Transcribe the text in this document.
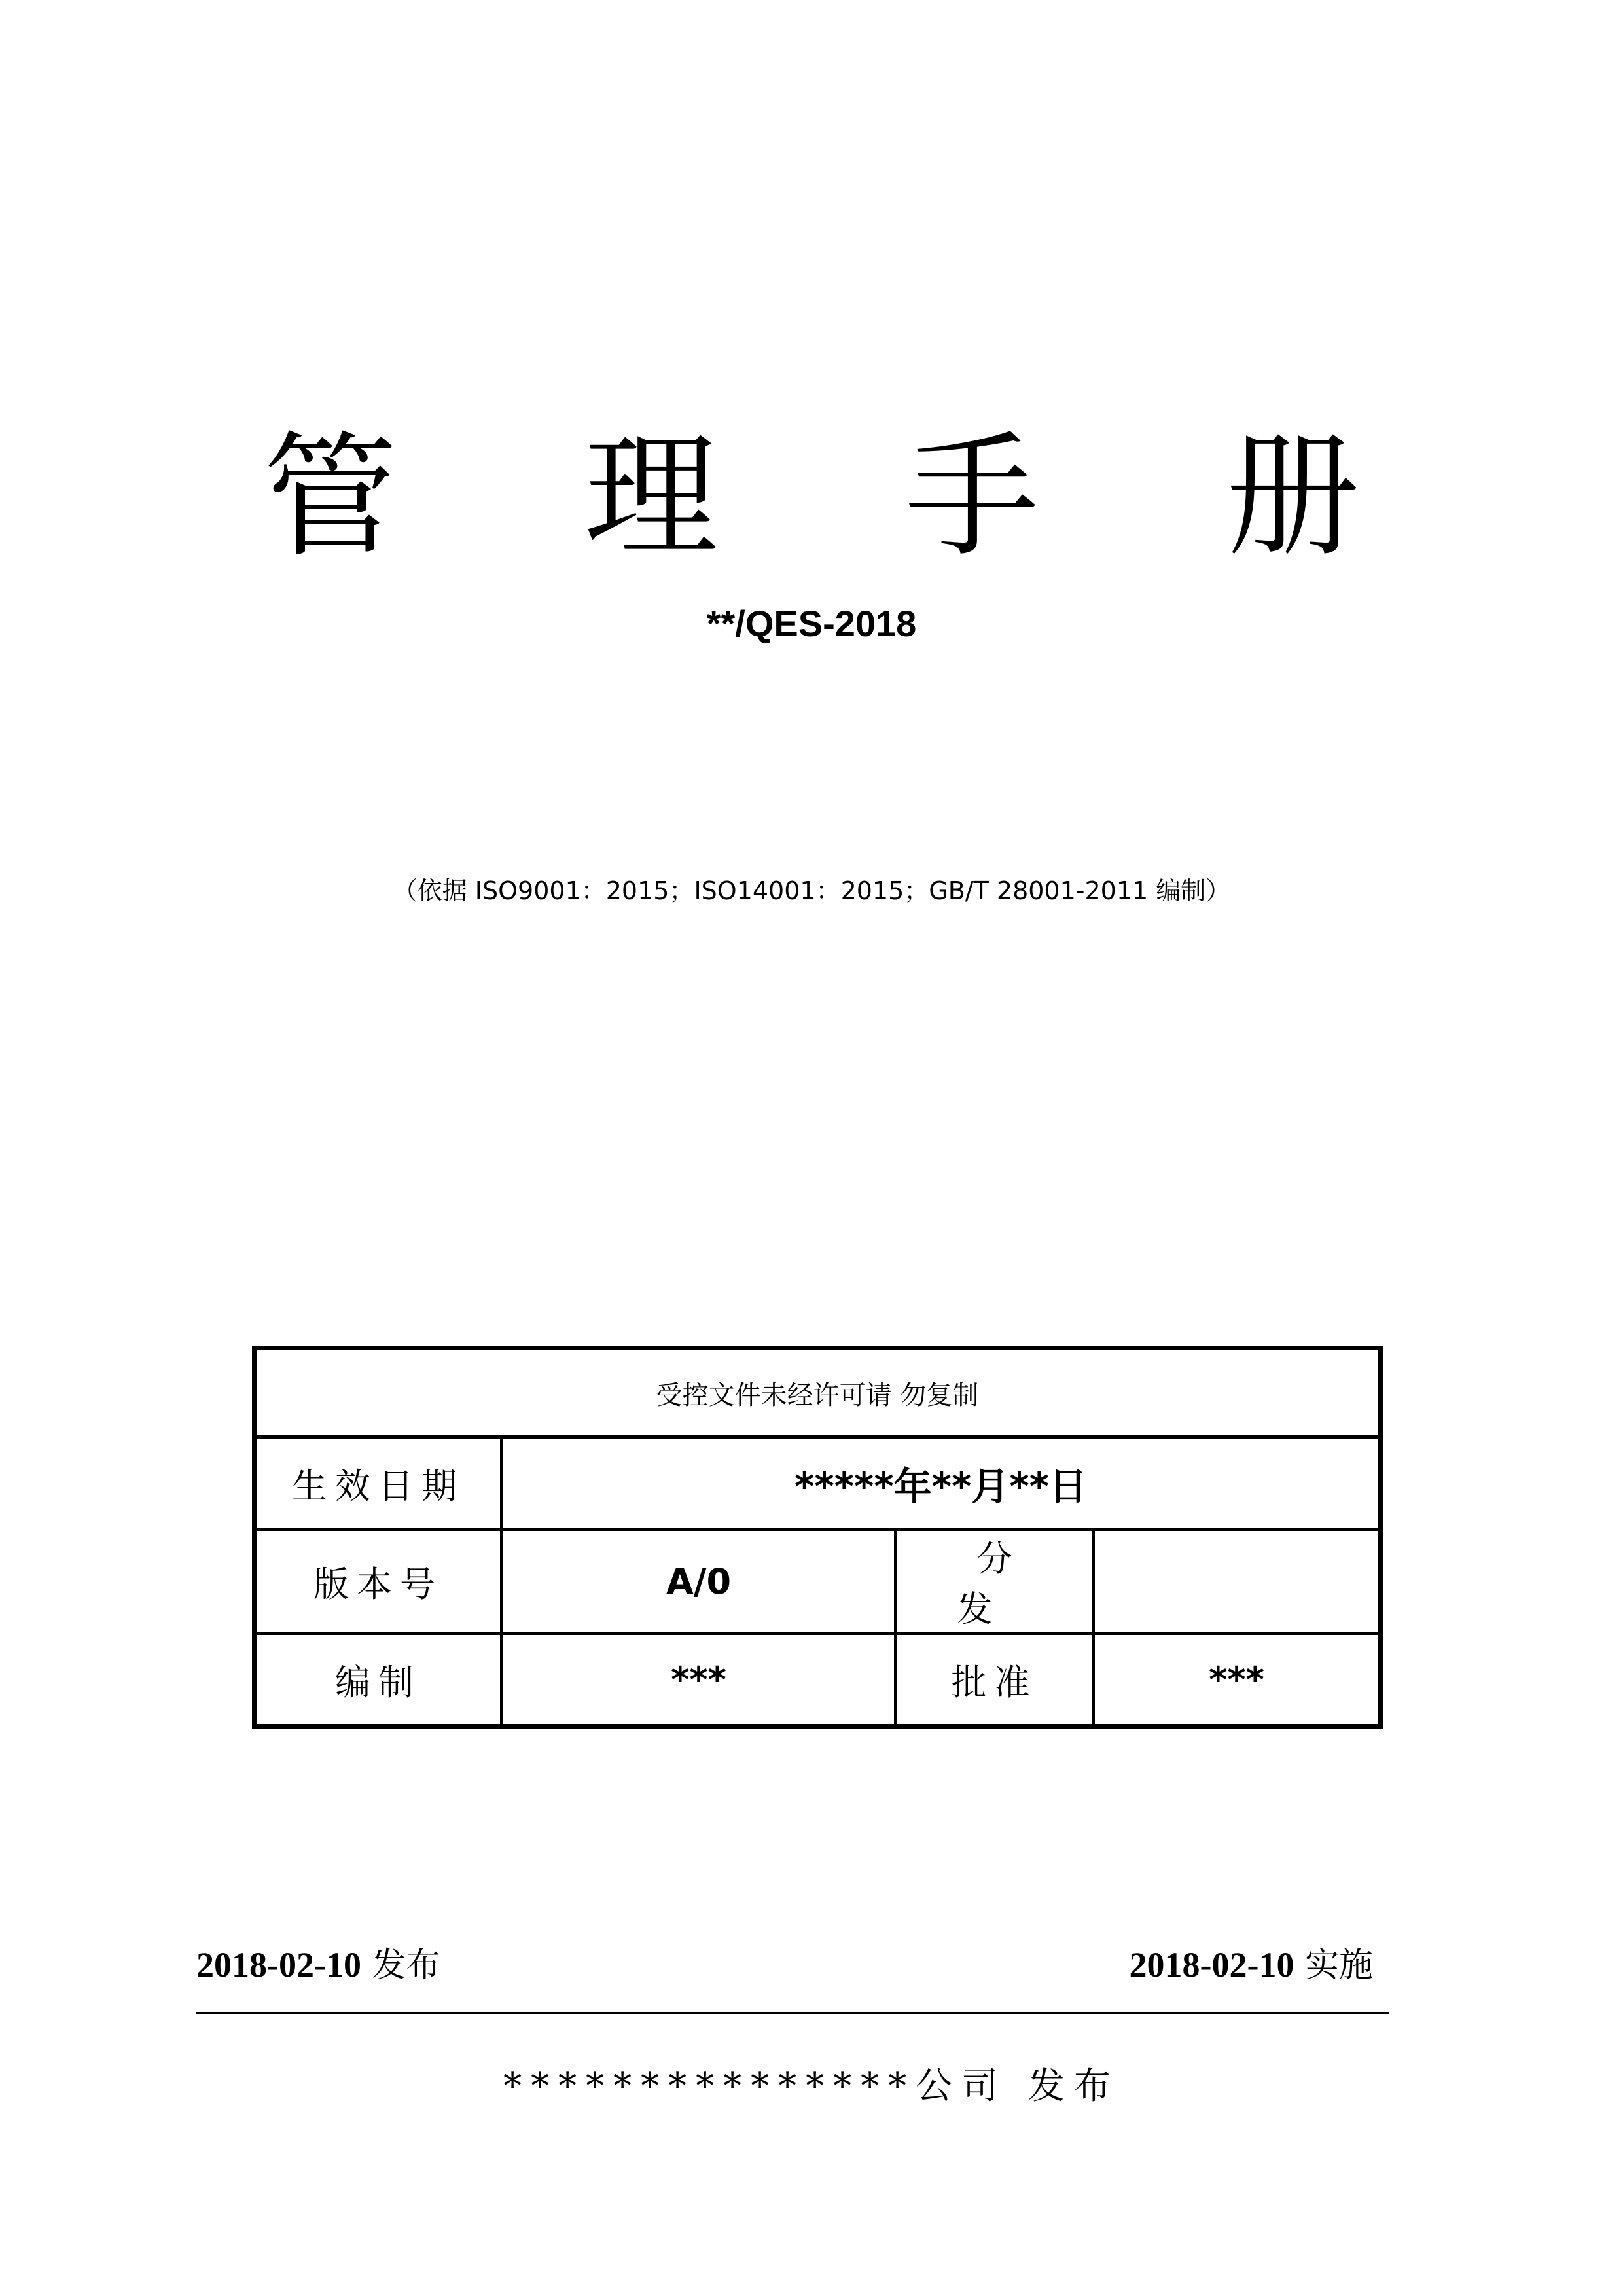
管 理 手 册
**/QES-2018
（依据 ISO9001：2015；ISO14001：2015；GB/T 28001-2011 编制）
受控文件未经许可请 勿复制			
生效日期	*****年**月**日		
版本号	A/0	分 发	
编制	***	批准	***
2018-02-10 发布	2018-02-10 实施
***************公司 发布
